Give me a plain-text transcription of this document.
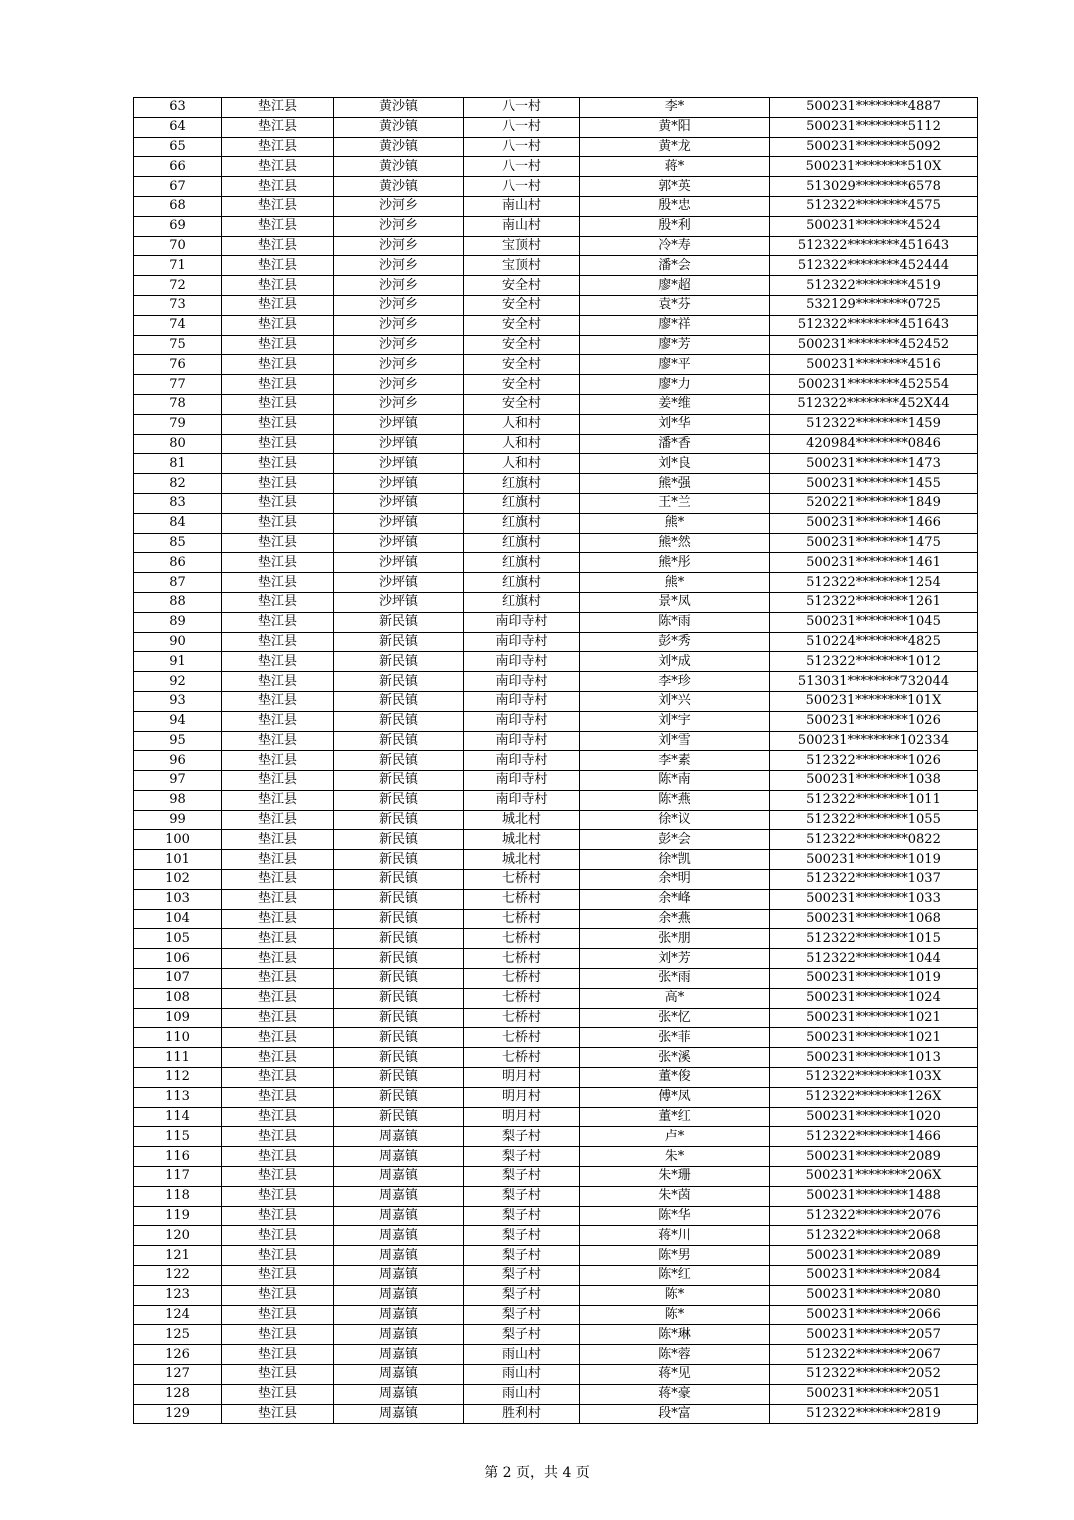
63	垫江县	黄沙镇	八一村	李*	500231********4887
64	垫江县	黄沙镇	八一村	黄*阳	500231********5112
65	垫江县	黄沙镇	八一村	黄*龙	500231********5092
66	垫江县	黄沙镇	八一村	蒋*	500231********510X
67	垫江县	黄沙镇	八一村	郭*英	513029********6578
68	垫江县	沙河乡	南山村	殷*忠	512322********4575
69	垫江县	沙河乡	南山村	殷*利	500231********4524
70	垫江县	沙河乡	宝顶村	冷*寿	512322********451643
71	垫江县	沙河乡	宝顶村	潘*会	512322********452444
72	垫江县	沙河乡	安全村	廖*超	512322********4519
73	垫江县	沙河乡	安全村	袁*芬	532129********0725
74	垫江县	沙河乡	安全村	廖*祥	512322********451643
75	垫江县	沙河乡	安全村	廖*芳	500231********452452
76	垫江县	沙河乡	安全村	廖*平	500231********4516
77	垫江县	沙河乡	安全村	廖*力	500231********452554
78	垫江县	沙河乡	安全村	姜*维	512322********452X44
79	垫江县	沙坪镇	人和村	刘*华	512322********1459
80	垫江县	沙坪镇	人和村	潘*香	420984********0846
81	垫江县	沙坪镇	人和村	刘*良	500231********1473
82	垫江县	沙坪镇	红旗村	熊*强	500231********1455
83	垫江县	沙坪镇	红旗村	王*兰	520221********1849
84	垫江县	沙坪镇	红旗村	熊*	500231********1466
85	垫江县	沙坪镇	红旗村	熊*然	500231********1475
86	垫江县	沙坪镇	红旗村	熊*彤	500231********1461
87	垫江县	沙坪镇	红旗村	熊*	512322********1254
88	垫江县	沙坪镇	红旗村	景*凤	512322********1261
89	垫江县	新民镇	南印寺村	陈*雨	500231********1045
90	垫江县	新民镇	南印寺村	彭*秀	510224********4825
91	垫江县	新民镇	南印寺村	刘*成	512322********1012
92	垫江县	新民镇	南印寺村	李*珍	513031********732044
93	垫江县	新民镇	南印寺村	刘*兴	500231********101X
94	垫江县	新民镇	南印寺村	刘*宇	500231********1026
95	垫江县	新民镇	南印寺村	刘*雪	500231********102334
96	垫江县	新民镇	南印寺村	李*素	512322********1026
97	垫江县	新民镇	南印寺村	陈*南	500231********1038
98	垫江县	新民镇	南印寺村	陈*燕	512322********1011
99	垫江县	新民镇	城北村	徐*议	512322********1055
100	垫江县	新民镇	城北村	彭*会	512322********0822
101	垫江县	新民镇	城北村	徐*凯	500231********1019
102	垫江县	新民镇	七桥村	余*明	512322********1037
103	垫江县	新民镇	七桥村	余*峰	500231********1033
104	垫江县	新民镇	七桥村	余*燕	500231********1068
105	垫江县	新民镇	七桥村	张*朋	512322********1015
106	垫江县	新民镇	七桥村	刘*芳	512322********1044
107	垫江县	新民镇	七桥村	张*雨	500231********1019
108	垫江县	新民镇	七桥村	高*	500231********1024
109	垫江县	新民镇	七桥村	张*忆	500231********1021
110	垫江县	新民镇	七桥村	张*菲	500231********1021
111	垫江县	新民镇	七桥村	张*溪	500231********1013
112	垫江县	新民镇	明月村	董*俊	512322********103X
113	垫江县	新民镇	明月村	傅*凤	512322********126X
114	垫江县	新民镇	明月村	董*红	500231********1020
115	垫江县	周嘉镇	梨子村	卢*	512322********1466
116	垫江县	周嘉镇	梨子村	朱*	500231********2089
117	垫江县	周嘉镇	梨子村	朱*珊	500231********206X
118	垫江县	周嘉镇	梨子村	朱*茵	500231********1488
119	垫江县	周嘉镇	梨子村	陈*华	512322********2076
120	垫江县	周嘉镇	梨子村	蒋*川	512322********2068
121	垫江县	周嘉镇	梨子村	陈*男	500231********2089
122	垫江县	周嘉镇	梨子村	陈*红	500231********2084
123	垫江县	周嘉镇	梨子村	陈*	500231********2080
124	垫江县	周嘉镇	梨子村	陈*	500231********2066
125	垫江县	周嘉镇	梨子村	陈*琳	500231********2057
126	垫江县	周嘉镇	雨山村	陈*蓉	512322********2067
127	垫江县	周嘉镇	雨山村	蒋*见	512322********2052
128	垫江县	周嘉镇	雨山村	蒋*豪	500231********2051
129	垫江县	周嘉镇	胜利村	段*富	512322********2819
第 2 页，共 4 页
